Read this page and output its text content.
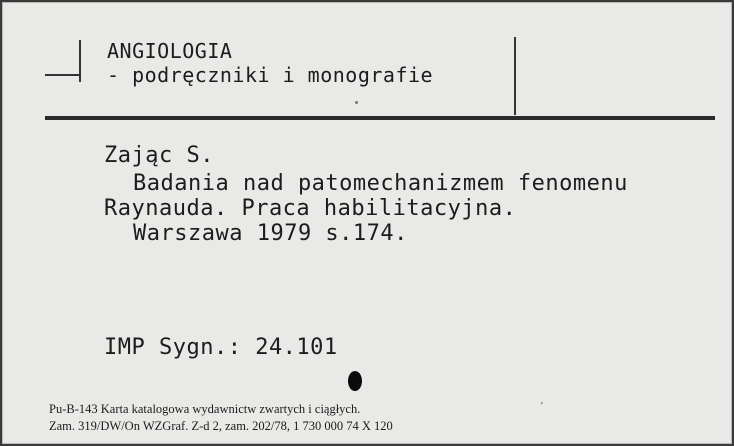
ANGIOLOGIA
- podręczniki i monografie
Zając S.
Badania nad patomechanizmem fenomenu
Raynauda. Praca habilitacyjna.
Warszawa 1979 s.174.
IMP Sygn.: 24.101
Pu-B-143 Karta katalogowa wydawnictw zwartych i ciągłych.
Zam. 319/DW/On WZGraf. Z-d 2, zam. 202/78, 1 730 000 74 X 120
'
